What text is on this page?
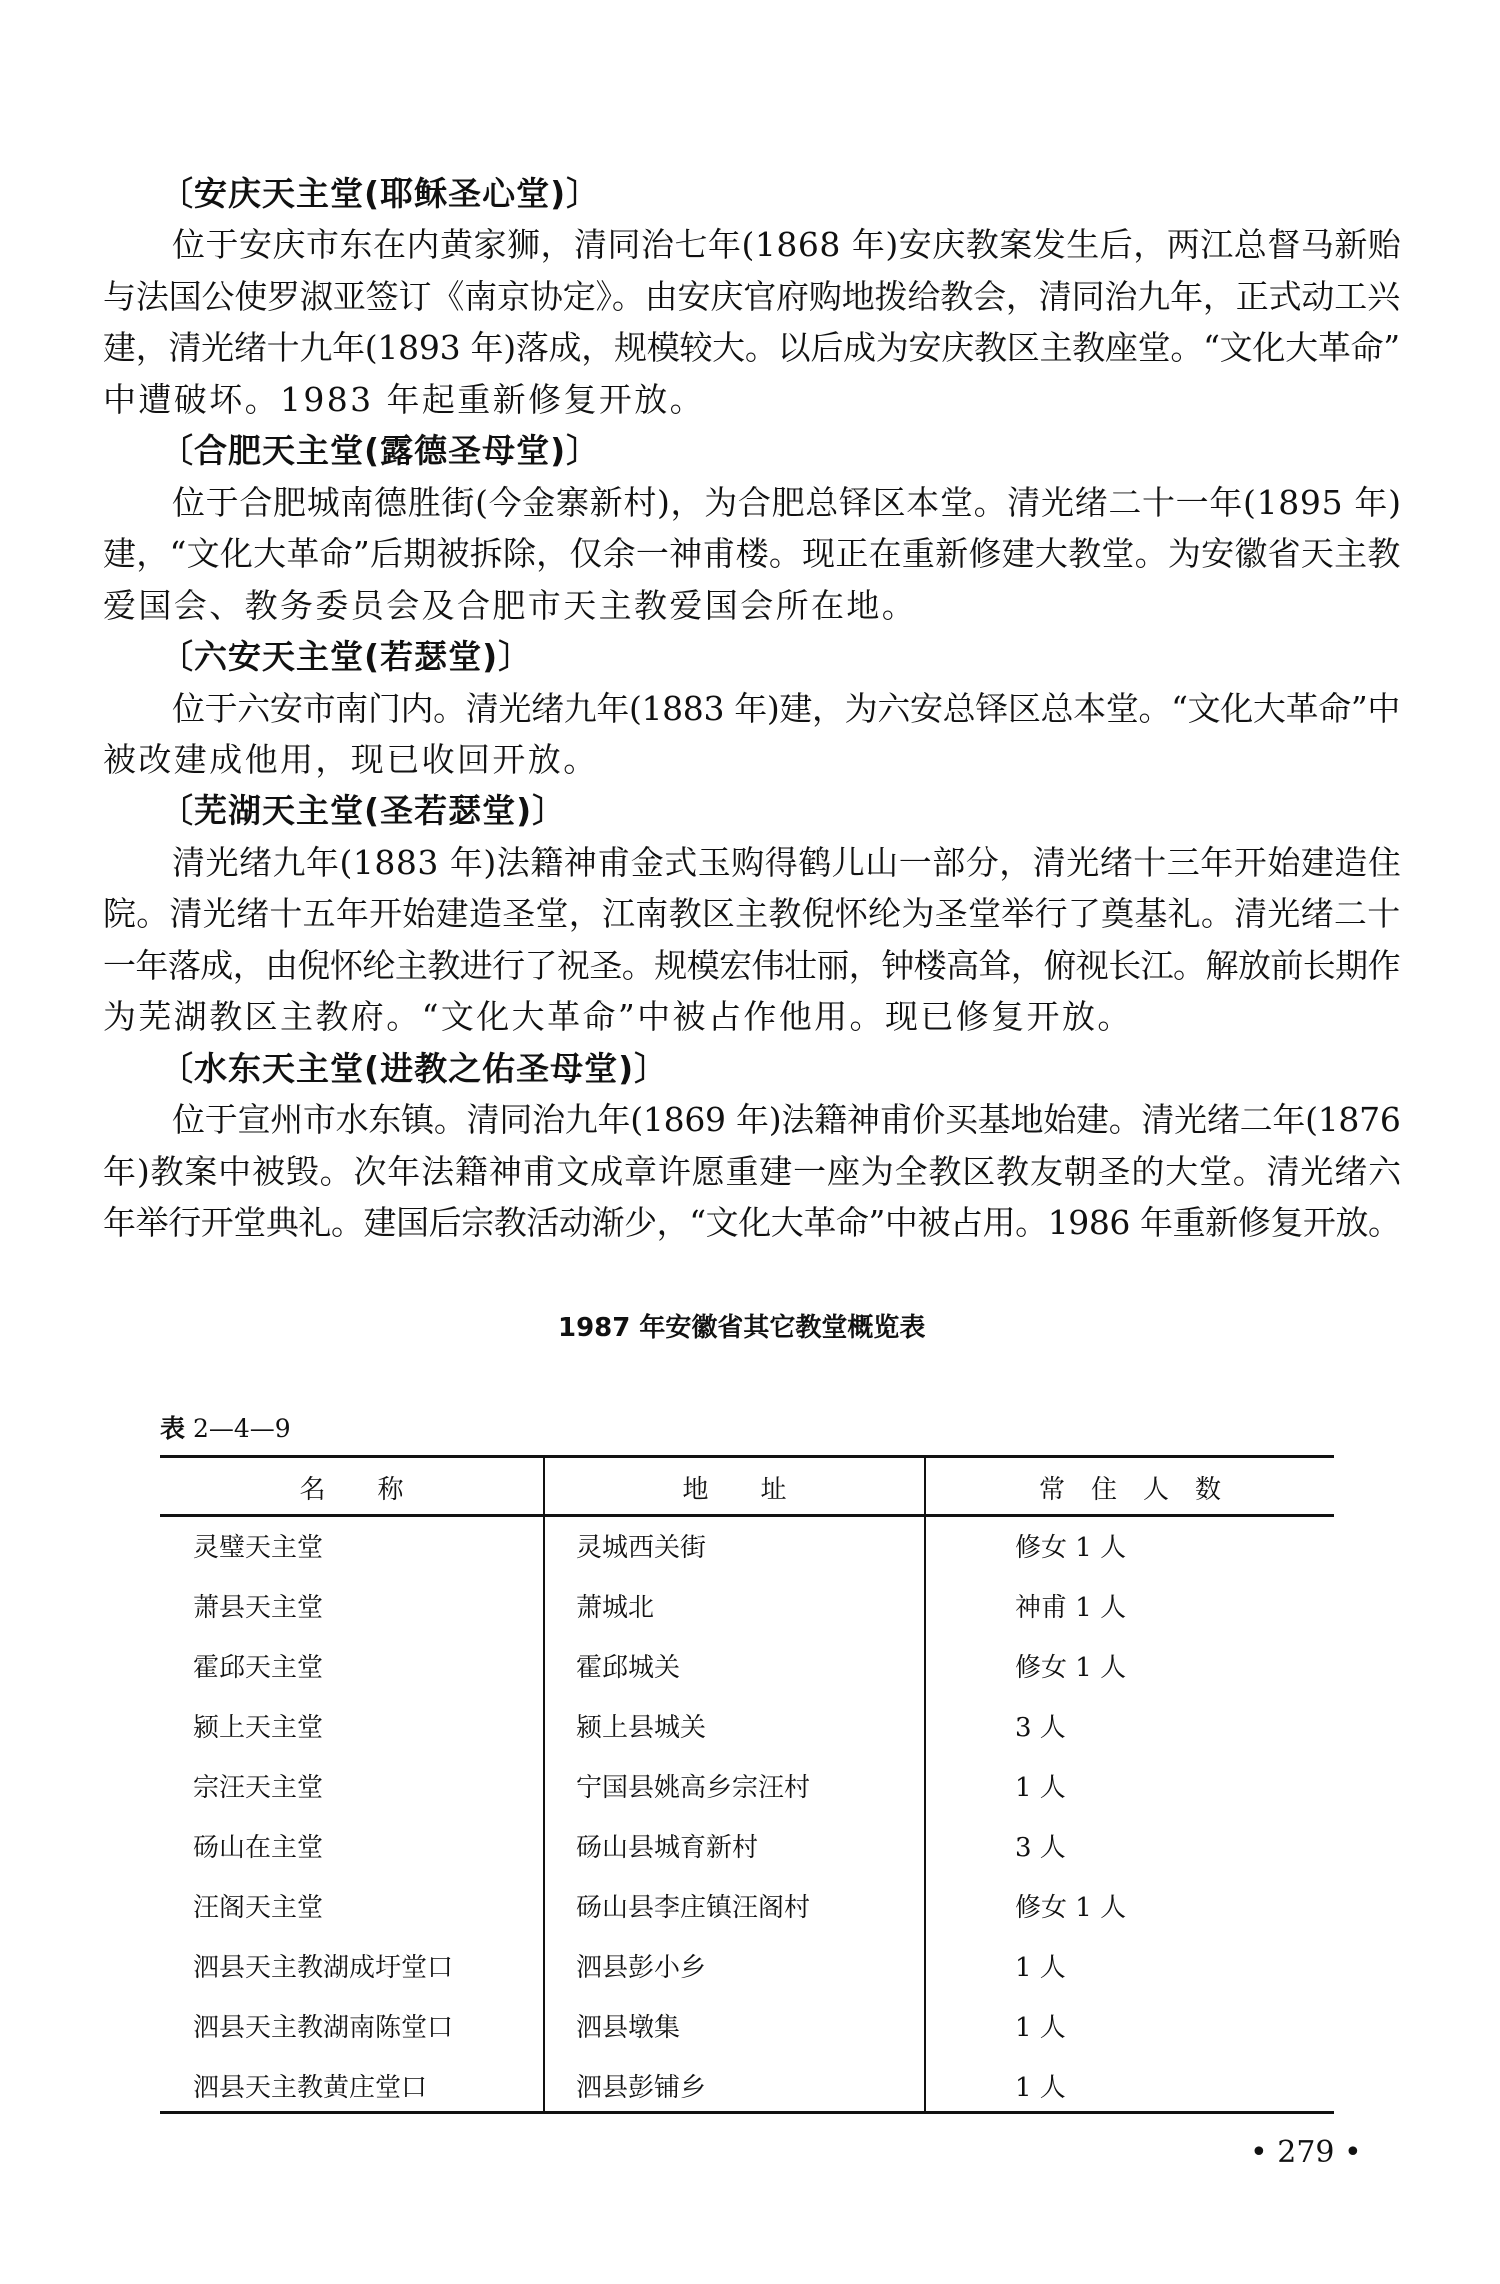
〔安庆天主堂(耶稣圣心堂)〕
位于安庆市东在内黄家狮，清同治七年(1868 年)安庆教案发生后，两江总督马新贻
与法国公使罗淑亚签订《南京协定》。由安庆官府购地拨给教会，清同治九年，正式动工兴
建，清光绪十九年(1893 年)落成，规模较大。以后成为安庆教区主教座堂。“文化大革命”
中遭破坏。1983 年起重新修复开放。
〔合肥天主堂(露德圣母堂)〕
位于合肥城南德胜街(今金寨新村)，为合肥总铎区本堂。清光绪二十一年(1895 年)
建，“文化大革命”后期被拆除，仅余一神甫楼。现正在重新修建大教堂。为安徽省天主教
爱国会、教务委员会及合肥市天主教爱国会所在地。
〔六安天主堂(若瑟堂)〕
位于六安市南门内。清光绪九年(1883 年)建，为六安总铎区总本堂。“文化大革命”中
被改建成他用，现已收回开放。
〔芜湖天主堂(圣若瑟堂)〕
清光绪九年(1883 年)法籍神甫金式玉购得鹤儿山一部分，清光绪十三年开始建造住
院。清光绪十五年开始建造圣堂，江南教区主教倪怀纶为圣堂举行了奠基礼。清光绪二十
一年落成，由倪怀纶主教进行了祝圣。规模宏伟壮丽，钟楼高耸，俯视长江。解放前长期作
为芜湖教区主教府。“文化大革命”中被占作他用。现已修复开放。
〔水东天主堂(进教之佑圣母堂)〕
位于宣州市水东镇。清同治九年(1869 年)法籍神甫价买基地始建。清光绪二年(1876
年)教案中被毁。次年法籍神甫文成章许愿重建一座为全教区教友朝圣的大堂。清光绪六
年举行开堂典礼。建国后宗教活动渐少，“文化大革命”中被占用。1986 年重新修复开放。
1987 年安徽省其它教堂概览表
表 2—4—9
名　　称	地　　址	常　住　人　数
灵璧天主堂	灵城西关街	修女 1 人
萧县天主堂	萧城北	神甫 1 人
霍邱天主堂	霍邱城关	修女 1 人
颍上天主堂	颍上县城关	3 人
宗汪天主堂	宁国县姚高乡宗汪村	1 人
砀山在主堂	砀山县城育新村	3 人
汪阁天主堂	砀山县李庄镇汪阁村	修女 1 人
泗县天主教湖成圩堂口	泗县彭小乡	1 人
泗县天主教湖南陈堂口	泗县墩集	1 人
泗县天主教黄庄堂口	泗县彭铺乡	1 人
• 279 •
